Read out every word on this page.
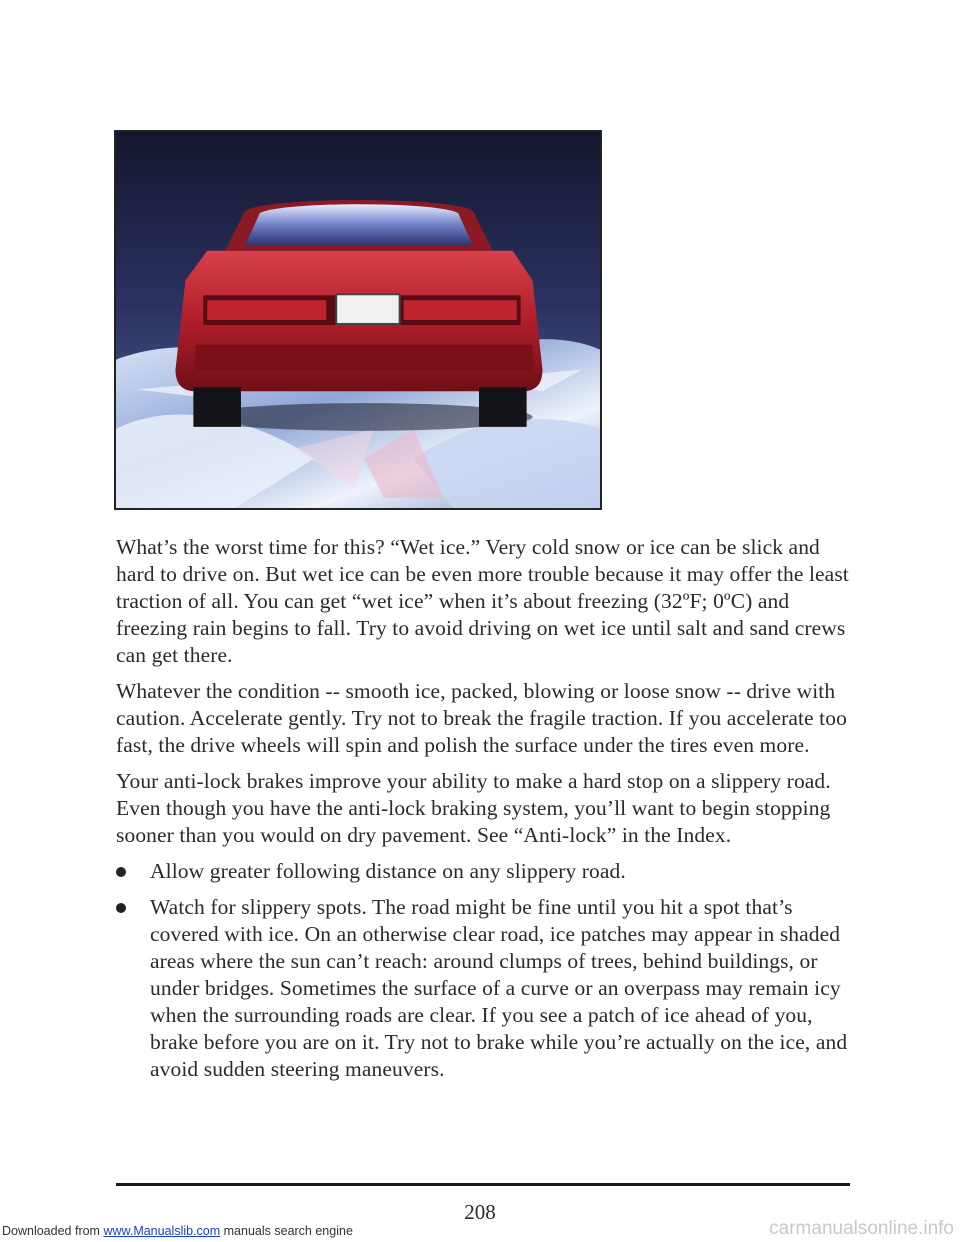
What’s the worst time for this? “Wet ice.” Very cold snow or ice can be slick and hard to drive on. But wet ice can be even more trouble because it may offer the least traction of all. You can get “wet ice” when it’s about freezing (32ºF; 0ºC) and freezing rain begins to fall. Try to avoid driving on wet ice until salt and sand crews can get there.

Whatever the condition -- smooth ice, packed, blowing or loose snow -- drive with caution. Accelerate gently. Try not to break the fragile traction. If you accelerate too fast, the drive wheels will spin and polish the surface under the tires even more.

Your anti-lock brakes improve your ability to make a hard stop on a slippery road. Even though you have the anti-lock braking system, you’ll want to begin stopping sooner than you would on dry pavement. See “Anti-lock” in the Index.

Allow greater following distance on any slippery road.
Watch for slippery spots. The road might be fine until you hit a spot that’s covered with ice. On an otherwise clear road, ice patches may appear in shaded areas where the sun can’t reach: around clumps of trees, behind buildings, or under bridges. Sometimes the surface of a curve or an overpass may remain icy when the surrounding roads are clear. If you see a patch of ice ahead of you, brake before you are on it. Try not to brake while you’re actually on the ice, and avoid sudden steering maneuvers.
208
Downloaded from www.Manualslib.com manuals search engine	carmanualsonline.info
